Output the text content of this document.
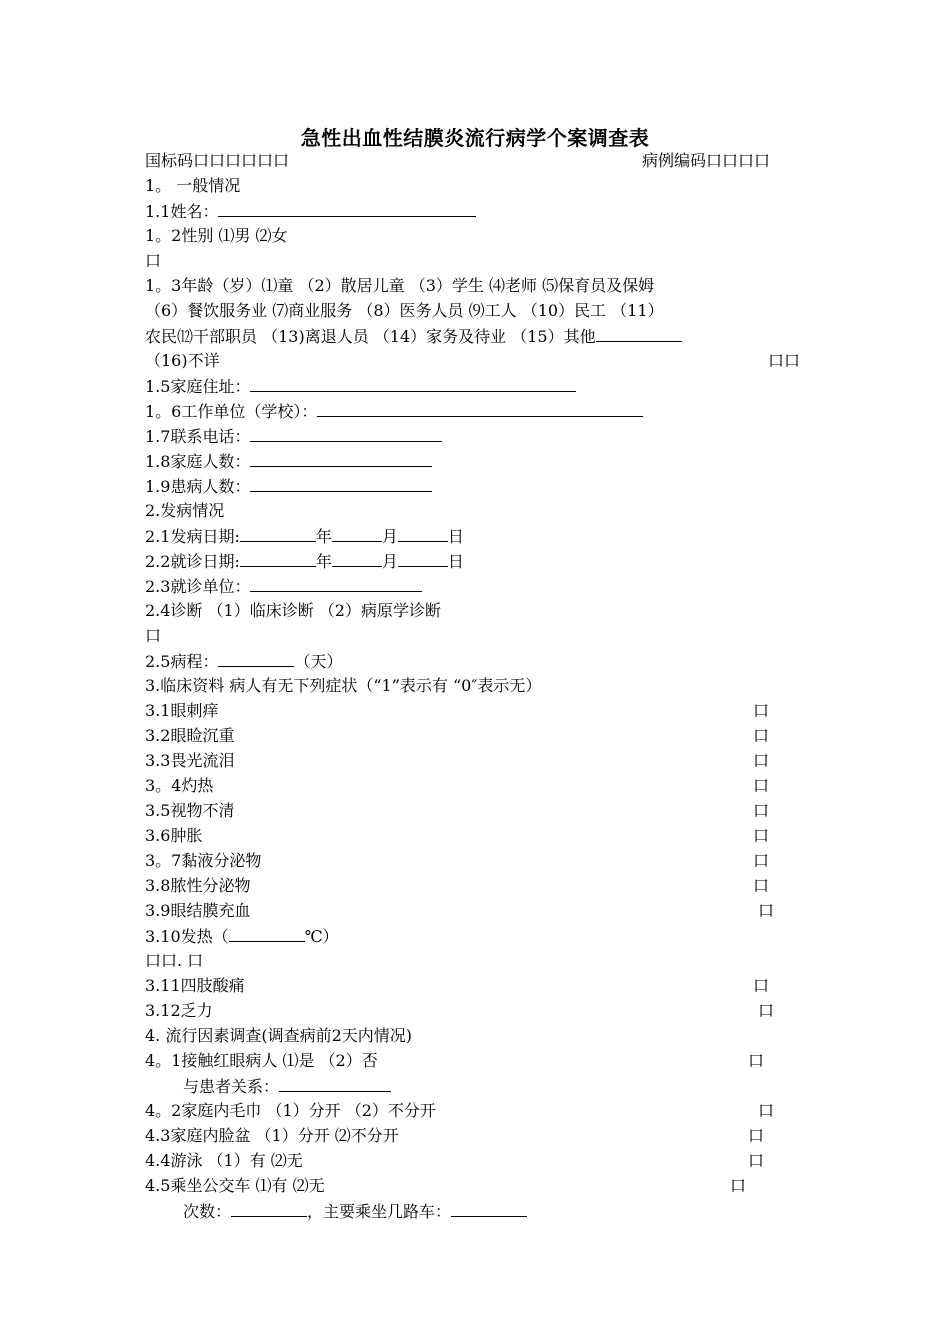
急性出血性结膜炎流行病学个案调查表
国标码口口口口口口	病例编码口口口口
1。 一般情况
1.1姓名：
1。2性别 ⑴男 ⑵女
口
1。3年龄（岁）⑴童 （2）散居儿童 （3）学生 ⑷老师 ⑸保育员及保姆
（6）餐饮服务业 ⑺商业服务 （8）医务人员 ⑼工人 （10）民工 （11）
农民⑿干部职员 （13)离退人员 （14）家务及待业 （15）其他
（16)不详	口口
1.5家庭住址：
1。6工作单位（学校）：
1.7联系电话：
1.8家庭人数：
1.9患病人数：
2.发病情况
2.1发病日期:	年	月	日
2.2就诊日期:	年	月	日
2.3就诊单位：
2.4诊断 （1）临床诊断 （2）病原学诊断
口
2.5病程：	（天）
3.临床资料 病人有无下列症状（“1”表示有 “0″表示无）
3.1眼刺痒	口
3.2眼睑沉重	口
3.3畏光流泪	口
3。4灼热	口
3.5视物不清	口
3.6肿胀	口
3。7黏液分泌物	口
3.8脓性分泌物	口
3.9眼结膜充血	口
3.10发热（	℃）
口口. 口
3.11四肢酸痛	口
3.12乏力	口
4. 流行因素调查(调查病前2天内情况)
4。1接触红眼病人 ⑴是 （2）否	口
与患者关系：
4。2家庭内毛巾 （1）分开 （2）不分开	口
4.3家庭内脸盆 （1）分开 ⑵不分开	口
4.4游泳 （1）有 ⑵无	口
4.5乘坐公交车 ⑴有 ⑵无	口
次数：	，主要乘坐几路车：
